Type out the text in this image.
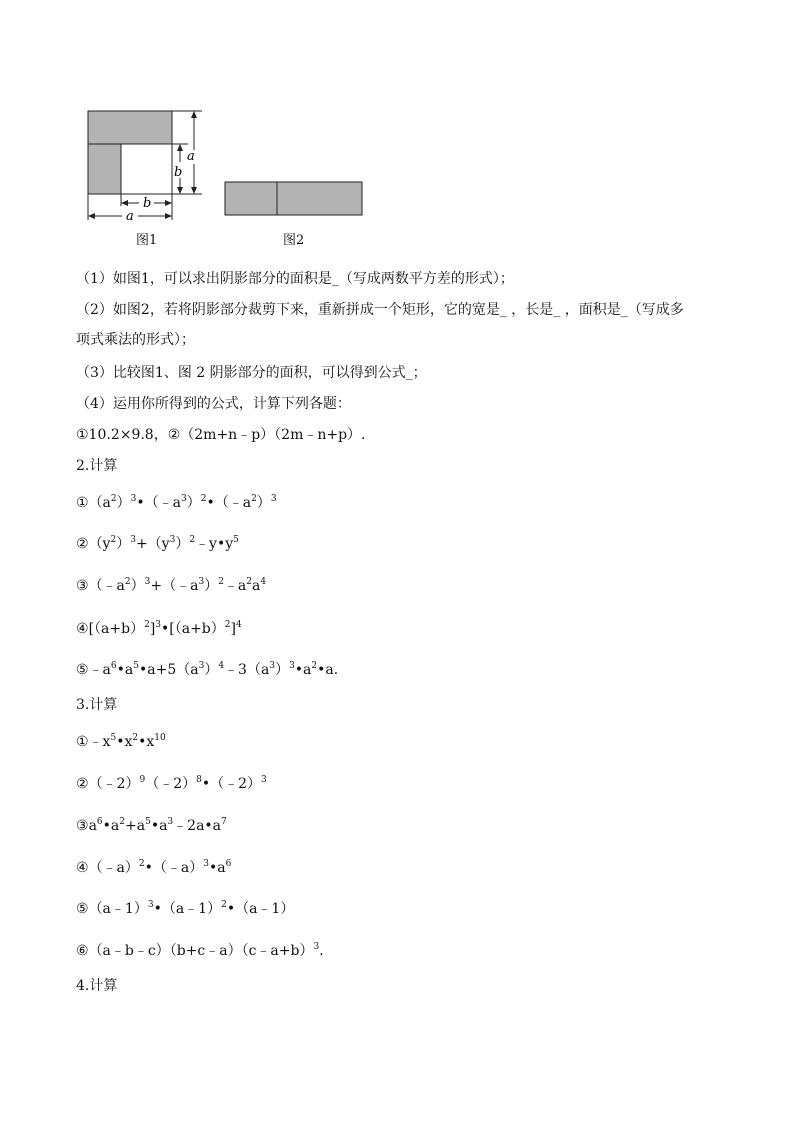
a
b
b
a
图1	图2
（1）如图1，可以求出阴影部分的面积是_（写成两数平方差的形式）；
（2）如图2，若将阴影部分裁剪下来，重新拼成一个矩形，它的宽是_ ，长是_ ，面积是_（写成多
项式乘法的形式）；
（3）比较图1、图 2 阴影部分的面积，可以得到公式_；
（4）运用你所得到的公式，计算下列各题：
①10.2×9.8，②（2m+n﹣p）（2m﹣n+p）.
2.计算
$①(a^2)^3•(﹣a^3)^2•(﹣a^2)^3$
$②(y^2)^3+(y^3)^2﹣y•y^5$
$③(﹣a^2)^3+(﹣a^3)^2﹣a^2a^4$
$④[(a+b)^2]^3•[(a+b)^2]^4$
$⑤﹣a^6•a^5•a+5(a^3)^4﹣3(a^3)^3•a^2•a$．
3.计算
$①﹣x^5•x^2•x^{10}$
②（﹣2）$^9$（﹣2）$^8$•（﹣2）$^3$
$③a^6•a^2+a^5•a^3﹣2a•a^7$
$④(﹣a)^2•(﹣a)^3•a^6$
⑤（a﹣1）$^3$•（a﹣1）$^2$•（a﹣1）
⑥（a﹣b﹣c）（b+c﹣a）（c﹣a+b）$^3$．
4.计算
